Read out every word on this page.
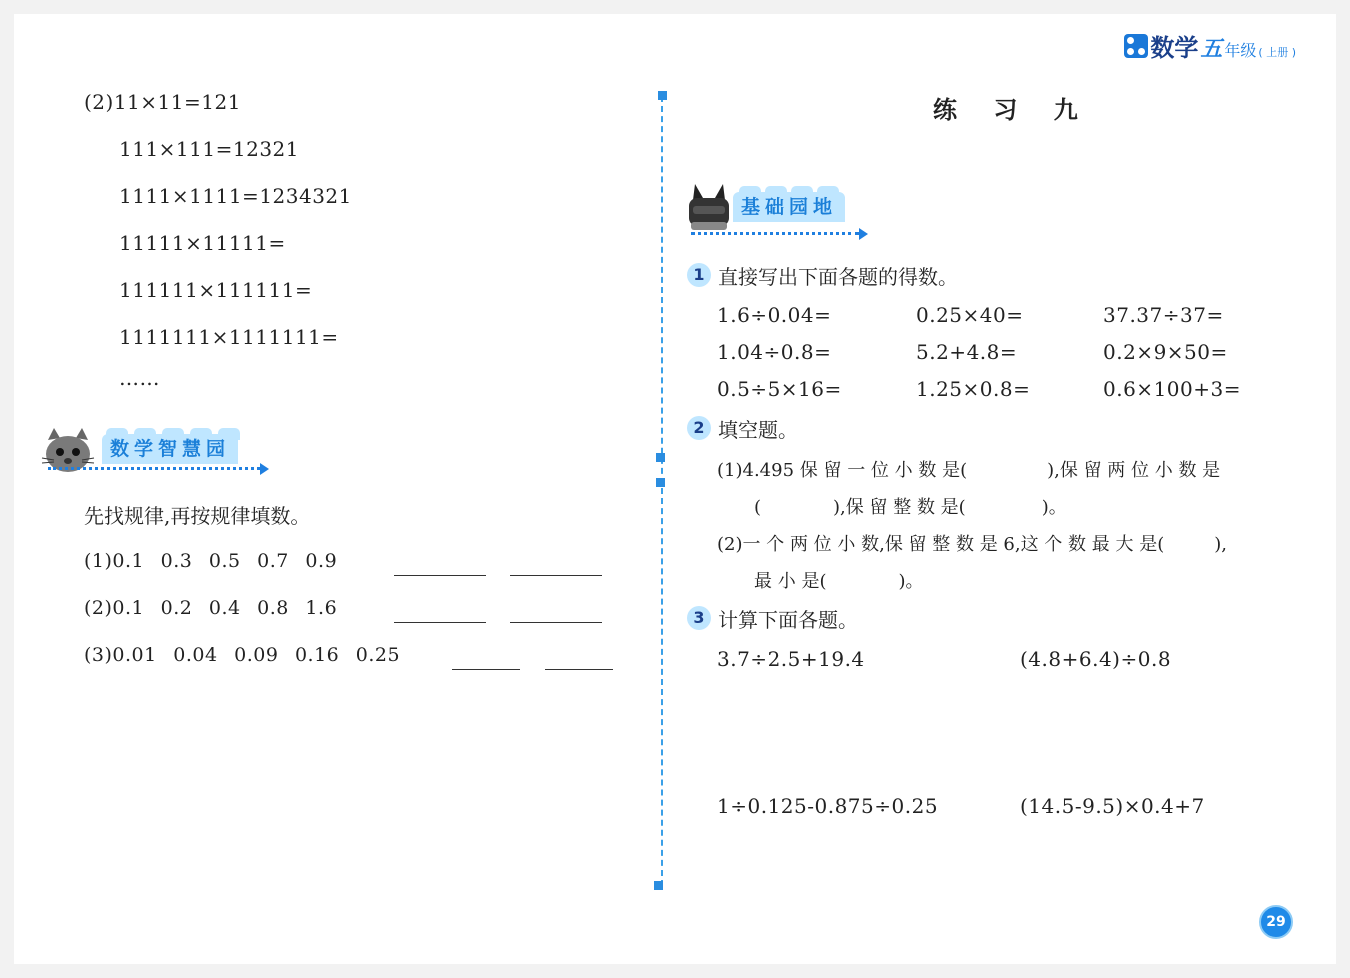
数学 五 年级 ( 上册 )
(2)11×11=121
111×111=12321
1111×1111=1234321
11111×11111=
111111×111111=
1111111×1111111=
……
数学智慧园
先找规律,再按规律填数。
(1)0.1 0.3 0.5 0.7 0.9
(2)0.1 0.2 0.4 0.8 1.6
(3)0.01 0.04 0.09 0.16 0.25
练 习 九
基础园地
1 直接写出下面各题的得数。
1.6÷0.04=	0.25×40=	37.37÷37=
1.04÷0.8=	5.2+4.8=	0.2×9×50=
0.5÷5×16=	1.25×0.8=	0.6×100+3=
2 填空题。
(1)4.495 保 留 一 位 小 数 是(	),保 留 两 位 小 数 是
(	),保 留 整 数 是(	)。
(2)一 个 两 位 小 数,保 留 整 数 是 6,这 个 数 最 大 是(	),
最 小 是(	)。
3 计算下面各题。
3.7÷2.5+19.4	(4.8+6.4)÷0.8
1÷0.125-0.875÷0.25	(14.5-9.5)×0.4+7
29
